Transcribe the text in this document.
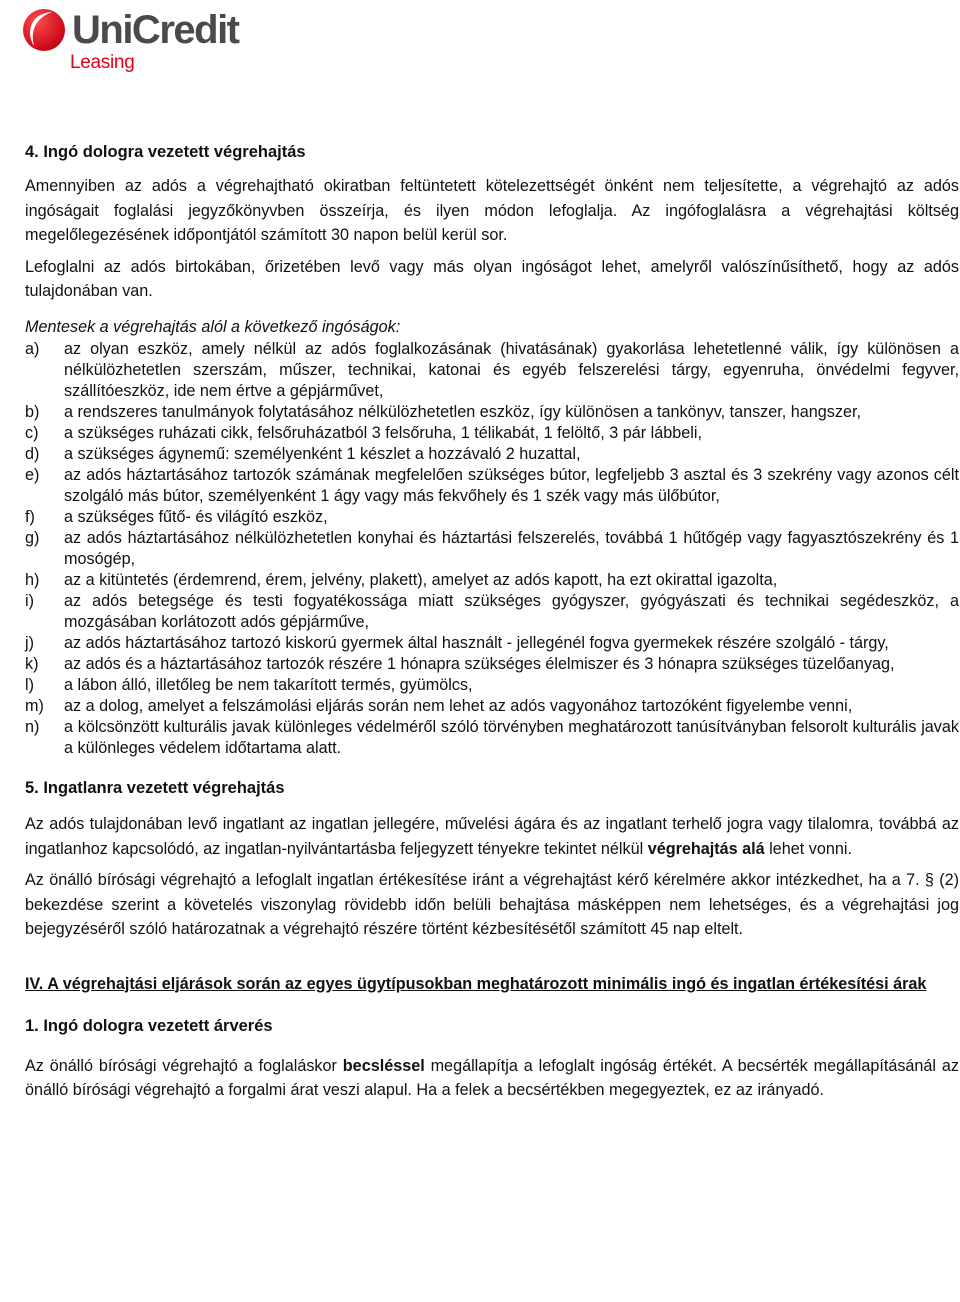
UniCredit
Leasing
4. Ingó dologra vezetett végrehajtás

Amennyiben az adós a végrehajtható okiratban feltüntetett kötelezettségét önként nem teljesítette, a végrehajtó az adós ingóságait foglalási jegyzőkönyvben összeírja, és ilyen módon lefoglalja. Az ingófoglalásra a végrehajtási költség megelőlegezésének időpontjától számított 30 napon belül kerül sor.

Lefoglalni az adós birtokában, őrizetében levő vagy más olyan ingóságot lehet, amelyről valószínűsíthető, hogy az adós tulajdonában van.

Mentesek a végrehajtás alól a következő ingóságok:

a) az olyan eszköz, amely nélkül az adós foglalkozásának (hivatásának) gyakorlása lehetetlenné válik, így különösen a nélkülözhetetlen szerszám, műszer, technikai, katonai és egyéb felszerelési tárgy, egyenruha, önvédelmi fegyver, szállítóeszköz, ide nem értve a gépjárművet,
b) a rendszeres tanulmányok folytatásához nélkülözhetetlen eszköz, így különösen a tankönyv, tanszer, hangszer,
c) a szükséges ruházati cikk, felsőruházatból 3 felsőruha, 1 télikabát, 1 felöltő, 3 pár lábbeli,
d) a szükséges ágynemű: személyenként 1 készlet a hozzávaló 2 huzattal,
e) az adós háztartásához tartozók számának megfelelően szükséges bútor, legfeljebb 3 asztal és 3 szekrény vagy azonos célt szolgáló más bútor, személyenként 1 ágy vagy más fekvőhely és 1 szék vagy más ülőbútor,
f) a szükséges fűtő- és világító eszköz,
g) az adós háztartásához nélkülözhetetlen konyhai és háztartási felszerelés, továbbá 1 hűtőgép vagy fagyasztószekrény és 1 mosógép,
h) az a kitüntetés (érdemrend, érem, jelvény, plakett), amelyet az adós kapott, ha ezt okirattal igazolta,
i) az adós betegsége és testi fogyatékossága miatt szükséges gyógyszer, gyógyászati és technikai segédeszköz, a mozgásában korlátozott adós gépjárműve,
j) az adós háztartásához tartozó kiskorú gyermek által használt - jellegénél fogva gyermekek részére szolgáló - tárgy,
k) az adós és a háztartásához tartozók részére 1 hónapra szükséges élelmiszer és 3 hónapra szükséges tüzelőanyag,
l) a lábon álló, illetőleg be nem takarított termés, gyümölcs,
m) az a dolog, amelyet a felszámolási eljárás során nem lehet az adós vagyonához tartozóként figyelembe venni,
n) a kölcsönzött kulturális javak különleges védelméről szóló törvényben meghatározott tanúsítványban felsorolt kulturális javak a különleges védelem időtartama alatt.
5. Ingatlanra vezetett végrehajtás

Az adós tulajdonában levő ingatlant az ingatlan jellegére, művelési ágára és az ingatlant terhelő jogra vagy tilalomra, továbbá az ingatlanhoz kapcsolódó, az ingatlan-nyilvántartásba feljegyzett tényekre tekintet nélkül végrehajtás alá lehet vonni.

Az önálló bírósági végrehajtó a lefoglalt ingatlan értékesítése iránt a végrehajtást kérő kérelmére akkor intézkedhet, ha a 7. § (2) bekezdése szerint a követelés viszonylag rövidebb időn belüli behajtása másképpen nem lehetséges, és a végrehajtási jog bejegyzéséről szóló határozatnak a végrehajtó részére történt kézbesítésétől számított 45 nap eltelt.

IV. A végrehajtási eljárások során az egyes ügytípusokban meghatározott minimális ingó és ingatlan értékesítési árak

1. Ingó dologra vezetett árverés

Az önálló bírósági végrehajtó a foglaláskor becsléssel megállapítja a lefoglalt ingóság értékét. A becsérték megállapításánál az önálló bírósági végrehajtó a forgalmi árat veszi alapul. Ha a felek a becsértékben megegyeztek, ez az irányadó.
